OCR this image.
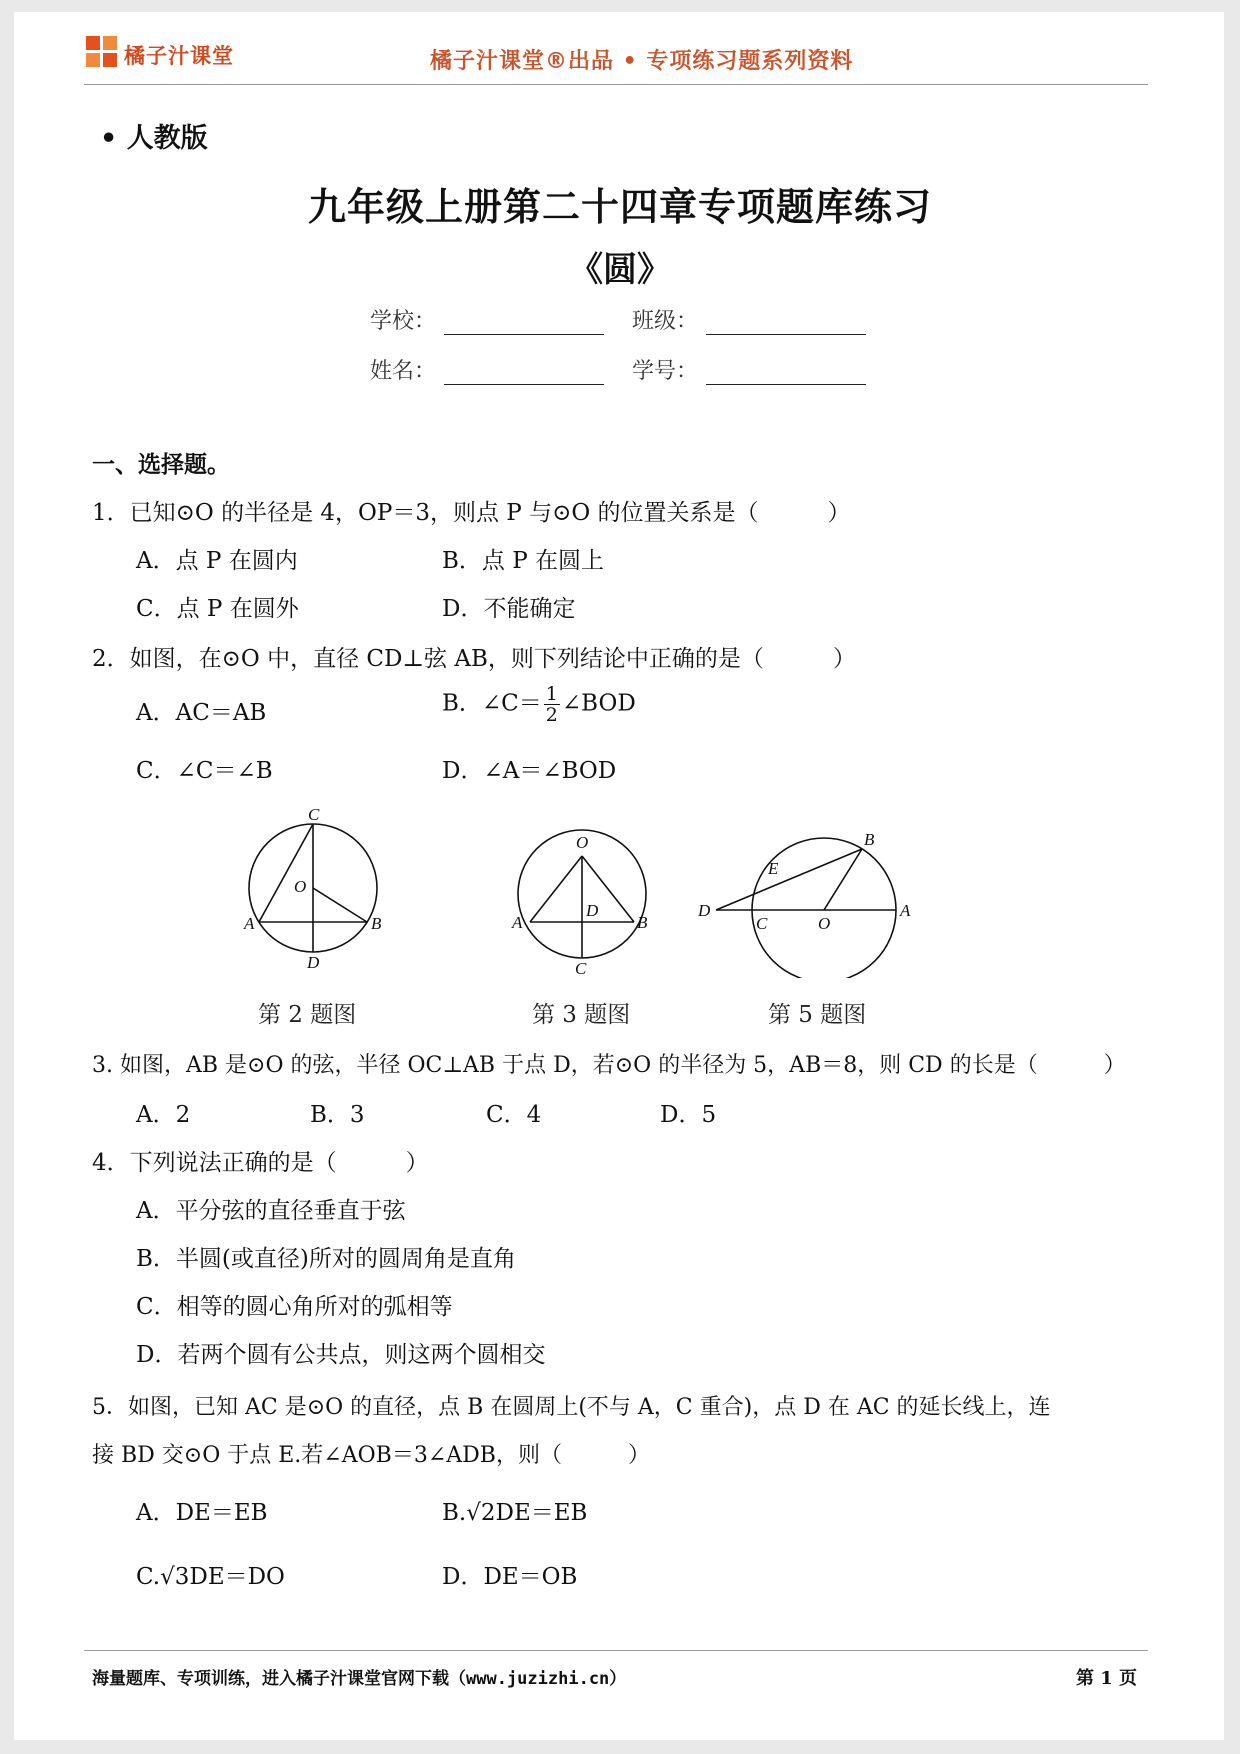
橘子汁课堂	橘子汁课堂®出品 • 专项练习题系列资料
• 人教版
九年级上册第二十四章专项题库练习
《圆》
学校：	班级：
姓名：	学号：
一、选择题。
1．已知⊙O 的半径是 4，OP＝3，则点 P 与⊙O 的位置关系是（　　　）
A．点 P 在圆内	B．点 P 在圆上
C．点 P 在圆外	D．不能确定
2．如图，在⊙O 中，直径 CD⊥弦 AB，则下列结论中正确的是（　　　）
A．AC＝AB	B．∠C＝ $\frac{1}{2}$ ∠BOD
C．∠C＝∠B	D．∠A＝∠BOD
C
O
A	B
D
O
D
A	B
C
B
E
D
C	O
A
第 2 题图	第 3 题图	第 5 题图
3. 如图，AB 是⊙O 的弦，半径 OC⊥AB 于点 D，若⊙O 的半径为 5，AB＝8，则 CD 的长是（　　　）
A．2	B．3	C．4	D．5
4．下列说法正确的是（　　　）
A．平分弦的直径垂直于弦
B．半圆(或直径)所对的圆周角是直角
C．相等的圆心角所对的弧相等
D．若两个圆有公共点，则这两个圆相交
5．如图，已知 AC 是⊙O 的直径，点 B 在圆周上(不与 A，C 重合)，点 D 在 AC 的延长线上，连
接 BD 交⊙O 于点 E.若∠AOB＝3∠ADB，则（　　　）
A．DE＝EB	B.√2DE＝EB
C.√3DE＝DO	D．DE＝OB
海量题库、专项训练，进入橘子汁课堂官网下载（www.juzizhi.cn）	第 1 页
